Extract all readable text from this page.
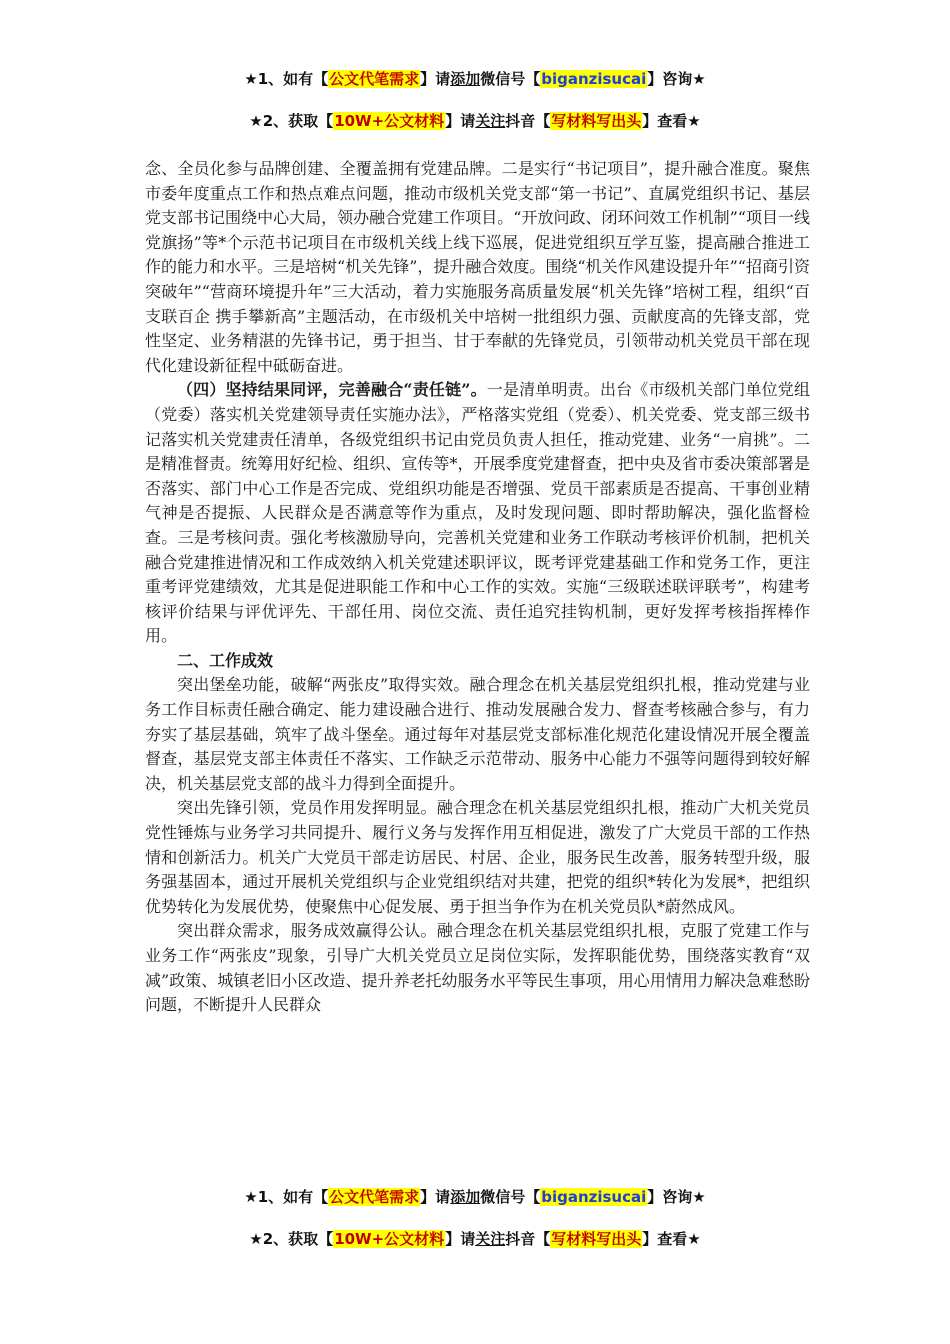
★1、如有【公文代笔需求】请添加微信号【biganzisucai】咨询★
★2、获取【10W+公文材料】请关注抖音【写材料写出头】查看★

念、全员化参与品牌创建、全覆盖拥有党建品牌。二是实行“书记项目”，提升融合准度。聚焦市委年度重点工作和热点难点问题，推动市级机关党支部“第一书记”、直属党组织书记、基层党支部书记围绕中心大局，领办融合党建工作项目。“开放问政、闭环问效工作机制”“项目一线党旗扬”等*个示范书记项目在市级机关线上线下巡展，促进党组织互学互鉴，提高融合推进工作的能力和水平。三是培树“机关先锋”，提升融合效度。围绕“机关作风建设提升年”“招商引资突破年”“营商环境提升年”三大活动，着力实施服务高质量发展“机关先锋”培树工程，组织“百支联百企 携手攀新高”主题活动，在市级机关中培树一批组织力强、贡献度高的先锋支部，党性坚定、业务精湛的先锋书记，勇于担当、甘于奉献的先锋党员，引领带动机关党员干部在现代化建设新征程中砥砺奋进。

（四）坚持结果同评，完善融合“责任链”。一是清单明责。出台《市级机关部门单位党组（党委）落实机关党建领导责任实施办法》，严格落实党组（党委）、机关党委、党支部三级书记落实机关党建责任清单，各级党组织书记由党员负责人担任，推动党建、业务“一肩挑”。二是精准督责。统筹用好纪检、组织、宣传等*，开展季度党建督查，把中央及省市委决策部署是否落实、部门中心工作是否完成、党组织功能是否增强、党员干部素质是否提高、干事创业精气神是否提振、人民群众是否满意等作为重点，及时发现问题、即时帮助解决，强化监督检查。三是考核问责。强化考核激励导向，完善机关党建和业务工作联动考核评价机制，把机关融合党建推进情况和工作成效纳入机关党建述职评议，既考评党建基础工作和党务工作，更注重考评党建绩效，尤其是促进职能工作和中心工作的实效。实施“三级联述联评联考”，构建考核评价结果与评优评先、干部任用、岗位交流、责任追究挂钩机制，更好发挥考核指挥棒作用。

二、工作成效

突出堡垒功能，破解“两张皮”取得实效。融合理念在机关基层党组织扎根，推动党建与业务工作目标责任融合确定、能力建设融合进行、推动发展融合发力、督查考核融合参与，有力夯实了基层基础，筑牢了战斗堡垒。通过每年对基层党支部标准化规范化建设情况开展全覆盖督查，基层党支部主体责任不落实、工作缺乏示范带动、服务中心能力不强等问题得到较好解决，机关基层党支部的战斗力得到全面提升。

突出先锋引领，党员作用发挥明显。融合理念在机关基层党组织扎根，推动广大机关党员党性锤炼与业务学习共同提升、履行义务与发挥作用互相促进，激发了广大党员干部的工作热情和创新活力。机关广大党员干部走访居民、村居、企业，服务民生改善，服务转型升级，服务强基固本，通过开展机关党组织与企业党组织结对共建，把党的组织*转化为发展*，把组织优势转化为发展优势，使聚焦中心促发展、勇于担当争作为在机关党员队*蔚然成风。

突出群众需求，服务成效赢得公认。融合理念在机关基层党组织扎根，克服了党建工作与业务工作“两张皮”现象，引导广大机关党员立足岗位实际，发挥职能优势，围绕落实教育“双减”政策、城镇老旧小区改造、提升养老托幼服务水平等民生事项，用心用情用力解决急难愁盼问题，不断提升人民群众

★1、如有【公文代笔需求】请添加微信号【biganzisucai】咨询★
★2、获取【10W+公文材料】请关注抖音【写材料写出头】查看★
